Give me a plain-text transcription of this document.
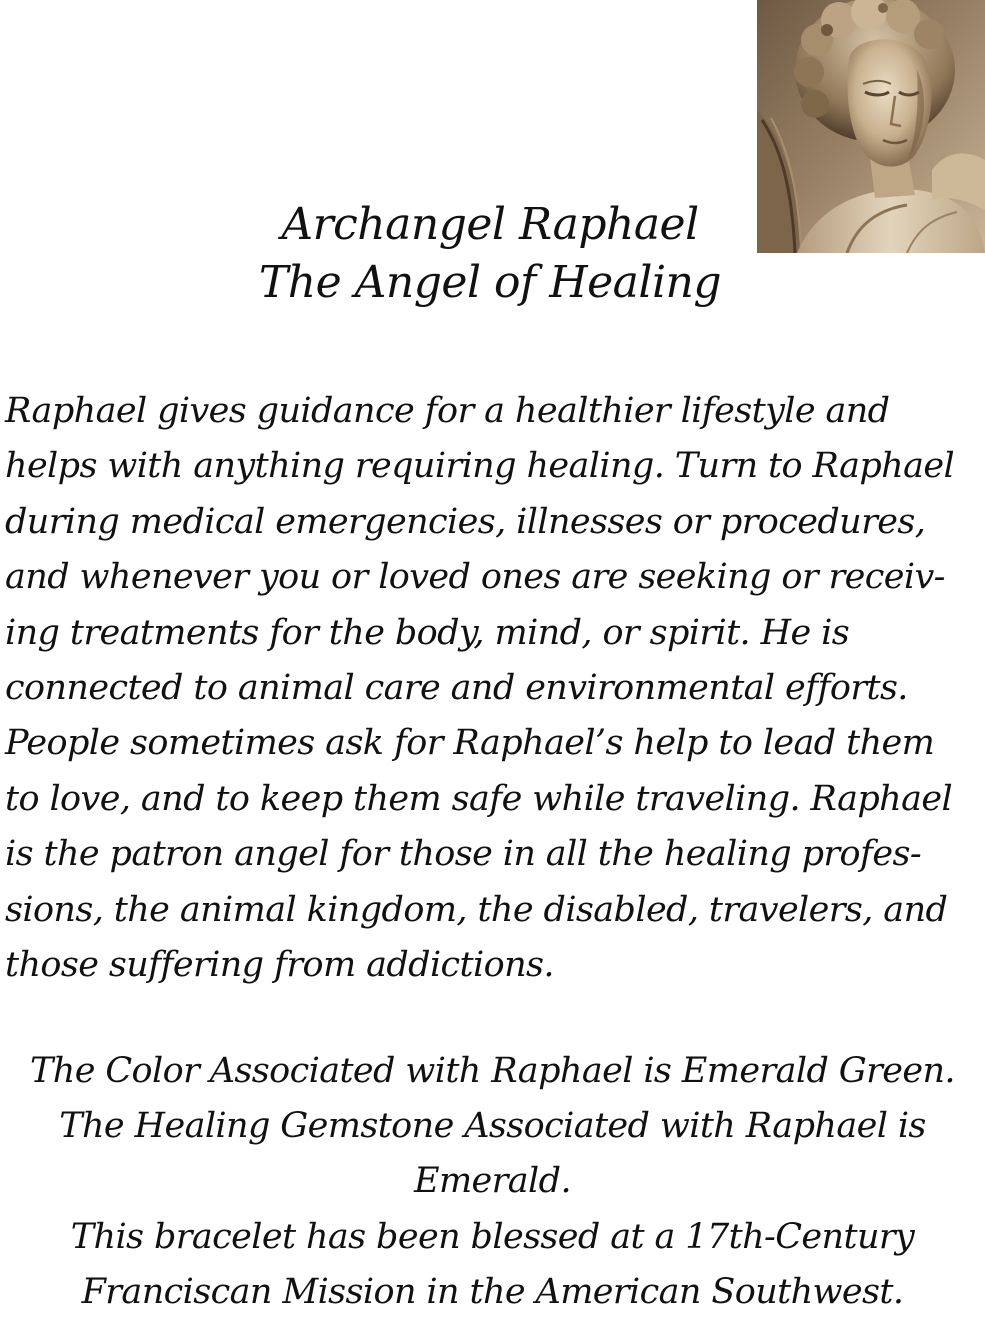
Archangel Raphael
The Angel of Healing
Raphael gives guidance for a healthier lifestyle and
helps with anything requiring healing. Turn to Raphael
during medical emergencies, illnesses or procedures,
and whenever you or loved ones are seeking or receiv-
ing treatments for the body, mind, or spirit. He is
connected to animal care and environmental efforts.
People sometimes ask for Raphael’s help to lead them
to love, and to keep them safe while traveling. Raphael
is the patron angel for those in all the healing profes-
sions, the animal kingdom, the disabled, travelers, and
those suffering from addictions.
The Color Associated with Raphael is Emerald Green.
The Healing Gemstone Associated with Raphael is
Emerald.
This bracelet has been blessed at a 17th-Century
Franciscan Mission in the American Southwest.
